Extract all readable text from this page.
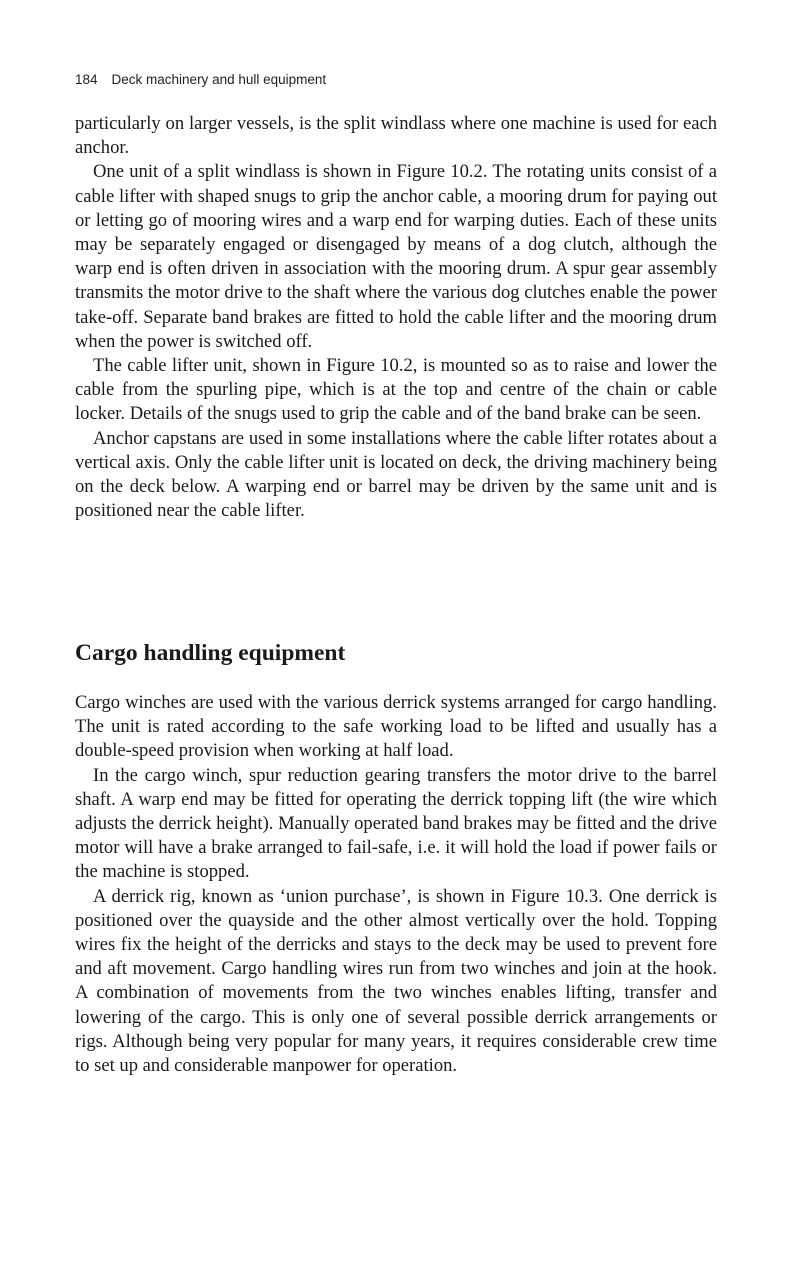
184 Deck machinery and hull equipment

particularly on larger vessels, is the split windlass where one machine is used for each anchor.

One unit of a split windlass is shown in Figure 10.2. The rotating units consist of a cable lifter with shaped snugs to grip the anchor cable, a mooring drum for paying out or letting go of mooring wires and a warp end for warping duties. Each of these units may be separately engaged or disengaged by means of a dog clutch, although the warp end is often driven in association with the mooring drum. A spur gear assembly transmits the motor drive to the shaft where the various dog clutches enable the power take-off. Separate band brakes are fitted to hold the cable lifter and the mooring drum when the power is switched off.

The cable lifter unit, shown in Figure 10.2, is mounted so as to raise and lower the cable from the spurling pipe, which is at the top and centre of the chain or cable locker. Details of the snugs used to grip the cable and of the band brake can be seen.

Anchor capstans are used in some installations where the cable lifter rotates about a vertical axis. Only the cable lifter unit is located on deck, the driving machinery being on the deck below. A warping end or barrel may be driven by the same unit and is positioned near the cable lifter.

Cargo handling equipment

Cargo winches are used with the various derrick systems arranged for cargo handling. The unit is rated according to the safe working load to be lifted and usually has a double-speed provision when working at half load.

In the cargo winch, spur reduction gearing transfers the motor drive to the barrel shaft. A warp end may be fitted for operating the derrick topping lift (the wire which adjusts the derrick height). Manually operated band brakes may be fitted and the drive motor will have a brake arranged to fail-safe, i.e. it will hold the load if power fails or the machine is stopped.

A derrick rig, known as ‘union purchase’, is shown in Figure 10.3. One derrick is positioned over the quayside and the other almost vertically over the hold. Topping wires fix the height of the derricks and stays to the deck may be used to prevent fore and aft movement. Cargo handling wires run from two winches and join at the hook. A combination of movements from the two winches enables lifting, transfer and lowering of the cargo. This is only one of several possible derrick arrangements or rigs. Although being very popular for many years, it requires considerable crew time to set up and considerable manpower for operation.
